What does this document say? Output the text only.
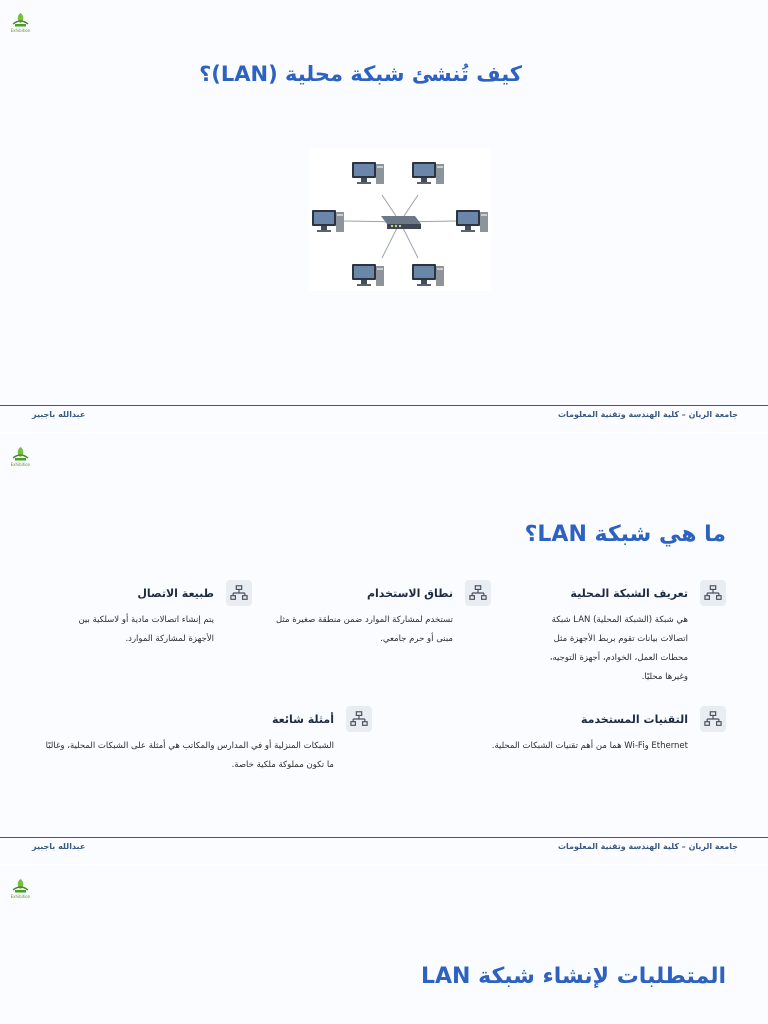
Exhibition
كيف تُنشئ شبكة محلية (LAN)؟
جامعة الريان – كلية الهندسة وتقنية المعلومات
عبدالله باجبير
Exhibition
ما هي شبكة LAN؟
تعريف الشبكة المحلية
هي شبكة (الشبكة المحلية) LAN شبكة اتصالات بيانات تقوم بربط الأجهزة مثل محطات العمل، الخوادم، أجهزة التوجيه، وغيرها محليًا.
نطاق الاستخدام
تستخدم لمشاركة الموارد ضمن منطقة صغيرة مثل مبنى أو حرم جامعي.
طبيعة الاتصال
يتم إنشاء اتصالات مادية أو لاسلكية بين الأجهزة لمشاركة الموارد.
التقنيات المستخدمة
Ethernet وWi-Fi هما من أهم تقنيات الشبكات المحلية.
أمثلة شائعة
الشبكات المنزلية أو في المدارس والمكاتب هي أمثلة على الشبكات المحلية، وغالبًا ما تكون مملوكة ملكية خاصة.
جامعة الريان – كلية الهندسة وتقنية المعلومات
عبدالله باجبير
Exhibition
المتطلبات لإنشاء شبكة LAN
